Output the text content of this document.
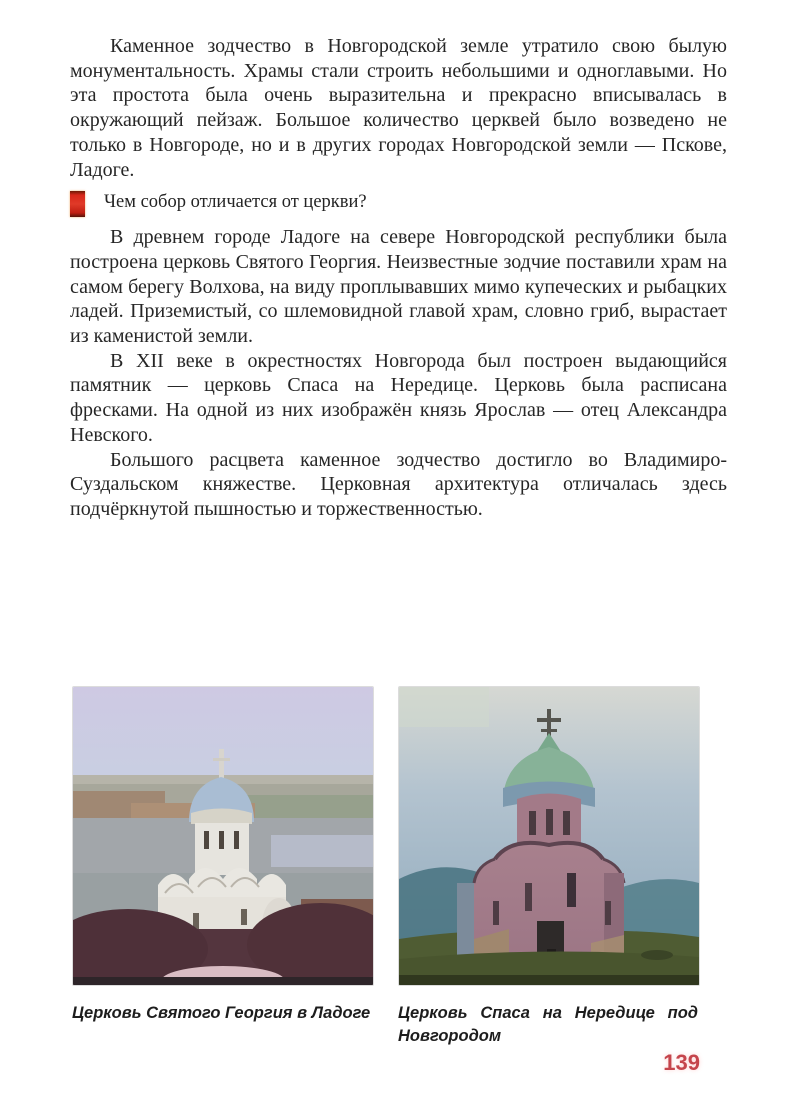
Каменное зодчество в Новгородской земле утратило свою былую монументальность. Храмы стали строить небольшими и одноглавыми. Но эта простота была очень выразительна и прекрасно вписывалась в окружающий пейзаж. Большое количество церквей было возведено не только в Новгороде, но и в других городах Новгородской земли — Пскове, Ладоге.

Чем собор отличается от церкви?

В древнем городе Ладоге на севере Новгородской республики была построена церковь Святого Георгия. Неизвестные зодчие поставили храм на самом берегу Волхова, на виду проплывавших мимо купеческих и рыбацких ладей. Приземистый, со шлемовидной главой храм, словно гриб, вырастает из каменистой земли.

В XII веке в окрестностях Новгорода был построен выдающийся памятник — церковь Спаса на Нередице. Церковь была расписана фресками. На одной из них изображён князь Ярослав — отец Александра Невского.

Большого расцвета каменное зодчество достигло во Владимиро-Суздальском княжестве. Церковная архитектура отличалась здесь подчёркнутой пышностью и торжественностью.

Церковь Святого Георгия в Ладоге Церковь Спаса на Нередице под Новгородом
139
